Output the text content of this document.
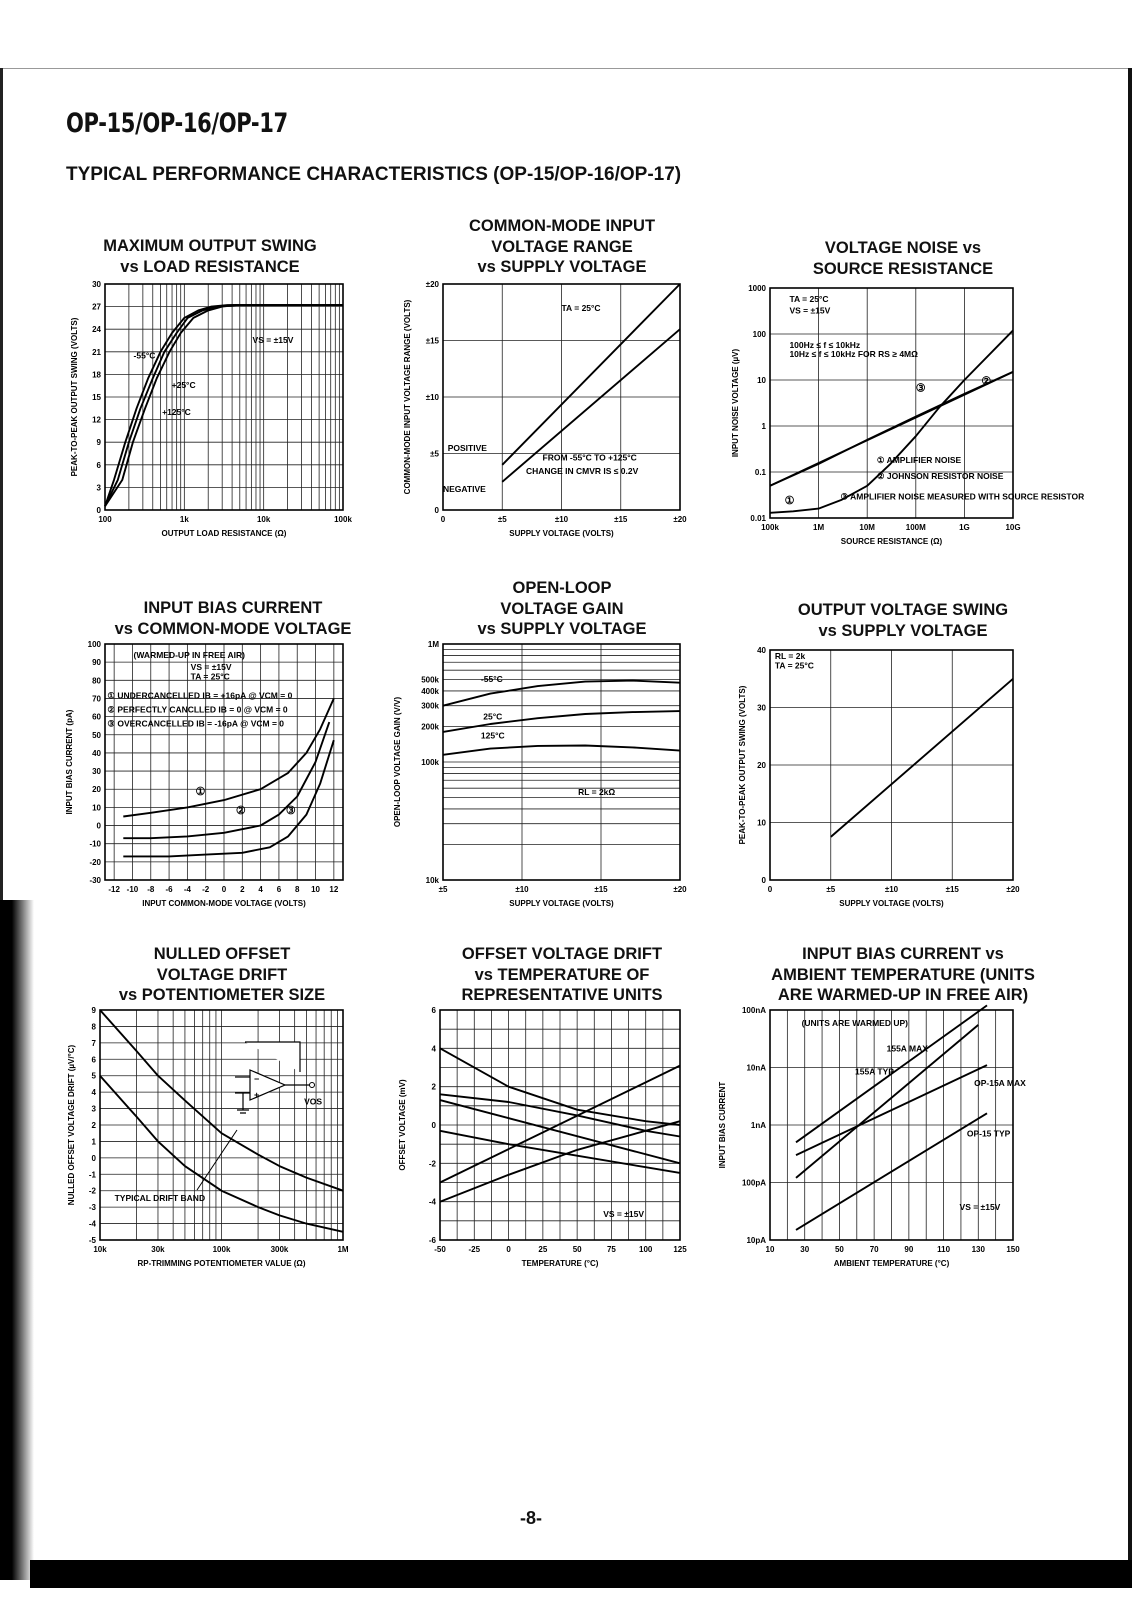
OP-15/OP-16/OP-17
TYPICAL PERFORMANCE CHARACTERISTICS (OP-15/OP-16/OP-17)
MAXIMUM OUTPUT SWING
vs LOAD RESISTANCE
COMMON-MODE INPUT
VOLTAGE RANGE
vs SUPPLY VOLTAGE
VOLTAGE NOISE vs
SOURCE RESISTANCE
INPUT BIAS CURRENT
vs COMMON-MODE VOLTAGE
OPEN-LOOP
VOLTAGE GAIN
vs SUPPLY VOLTAGE
OUTPUT VOLTAGE SWING
vs SUPPLY VOLTAGE
NULLED OFFSET
VOLTAGE DRIFT
vs POTENTIOMETER SIZE
OFFSET VOLTAGE DRIFT
vs TEMPERATURE OF
REPRESENTATIVE UNITS
INPUT BIAS CURRENT vs
AMBIENT TEMPERATURE (UNITS
ARE WARMED-UP IN FREE AIR)
100	1k	10k	100k
0
3
6
9
12
15
18
21
24
27
30
OUTPUT LOAD RESISTANCE (Ω)
PEAK-TO-PEAK OUTPUT SWING (VOLTS)	VS = ±15V
-55°C
+25°C
+125°C
0	±5	±10	±15	±20
0
±5
±10
±15
±20
SUPPLY VOLTAGE (VOLTS)
COMMON-MODE INPUT VOLTAGE RANGE (VOLTS)	TA = 25°C
POSITIVE
NEGATIVE
FROM -55°C TO +125°C
CHANGE IN CMVR IS ≤ 0.2V
100k	1M	10M	100M	1G	10G
0.01
0.1
1
10
100
1000
SOURCE RESISTANCE (Ω)
INPUT NOISE VOLTAGE (µV)
TA = 25°C
VS = ±15V
100Hz ≤ f ≤ 10kHz
10Hz ≤ f ≤ 10kHz FOR RS ≥ 4MΩ
① AMPLIFIER NOISE
② JOHNSON RESISTOR NOISE
③ AMPLIFIER NOISE MEASURED WITH SOURCE RESISTOR
①
②
③
-12 -10 -8 -6 -4 -2 0 2 4 6 8 10 12
-30
-20
-10
0
10
20
30
40
50
60
70
80
90
100
INPUT COMMON-MODE VOLTAGE (VOLTS)
INPUT BIAS CURRENT (pA)
(WARMED-UP IN FREE AIR)
VS = ±15V
TA = 25°C
① UNDERCANCELLED IB = +16pA @ VCM = 0
② PERFECTLY CANCLLED IB = 0 @ VCM = 0
③ OVERCANCELLED IB = -16pA @ VCM = 0
①
②	③
±5	±10	±15	±20
10k
100k
200k
300k
400k
500k
1M
SUPPLY VOLTAGE (VOLTS)
OPEN-LOOP VOLTAGE GAIN (V/V)
-55°C
25°C
125°C
RL = 2kΩ
0	±5	±10	±15	±20
0
10
20
30
40
SUPPLY VOLTAGE (VOLTS)
PEAK-TO-PEAK OUTPUT SWING (VOLTS)
RL = 2k
TA = 25°C
10k	30k	100k	300k	1M
-5
-4
-3
-2
-1
0
1
2
3
4
5
6
7
8
9
RP-TRIMMING POTENTIOMETER VALUE (Ω)
NULLED OFFSET VOLTAGE DRIFT (µV/°C)	TYPICAL DRIFT BAND
VOS
−
+
-50	-25	0	25	50	75	100	125
-6
-4
-2
0
2
4
6
TEMPERATURE (°C)
OFFSET VOLTAGE (mV)
VS = ±15V
10	30	50	70	90	110	130	150
10pA
100pA
1nA
10nA
100nA
AMBIENT TEMPERATURE (°C)
INPUT BIAS CURRENT
(UNITS ARE WARMED UP)
155A MAX
155A TYP
OP-15A MAX
OP-15 TYP
VS = ±15V
-8-
